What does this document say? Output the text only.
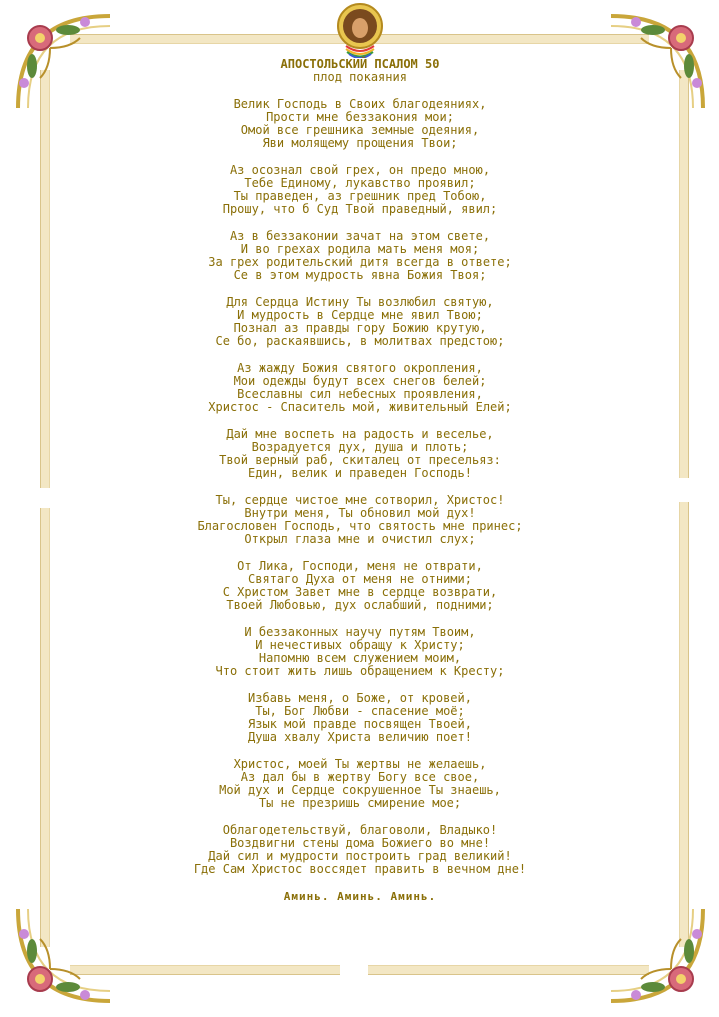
АПОСТОЛЬСКИЙ ПСАЛОМ 50
плод покаяния
Велик Господь в Своих благодеяниях,
Прости мне беззакония мои;
Омой все грешника земные одеяния,
Яви молящему прощения Твои;
Аз осознал свой грех, он предо мною,
Тебе Единому, лукавство проявил;
Ты праведен, аз грешник пред Тобою,
Прошу, что б Суд Твой праведный, явил;
Аз в беззаконии зачат на этом свете,
И во грехах родила мать меня моя;
За грех родительский дитя всегда в ответе;
Се в этом мудрость явна Божия Твоя;
Для Сердца Истину Ты возлюбил святую,
И мудрость в Сердце мне явил Твою;
Познал аз правды гору Божию крутую,
Се бо, раскаявшись, в молитвах предстою;
Аз жажду Божия святого окропления,
Мои одежды будут всех снегов белей;
Всеславны сил небесных проявления,
Христос - Спаситель мой, живительный Елей;
Дай мне воспеть на радость и веселье,
Возрадуется дух, душа и плоть;
Твой верный раб, скиталец от пресельяз:
Един, велик и праведен Господь!
Ты, сердце чистое мне сотворил, Христос!
Внутри меня, Ты обновил мой дух!
Благословен Господь, что святость мне принес;
Открыл глаза мне и очистил слух;
От Лика, Господи, меня не отврати,
Святаго Духа от меня не отними;
С Христом Завет мне в сердце возврати,
Твоей Любовью, дух ослабший, подними;
И беззаконных научу путям Твоим,
И нечестивых обращу к Христу;
Напомню всем служением моим,
Что стоит жить лишь обращением к Кресту;
Избавь меня, о Боже, от кровей,
Ты, Бог Любви - спасение моё;
Язык мой правде посвящен Твоей,
Душа хвалу Христа величию поет!
Христос, моей Ты жертвы не желаешь,
Аз дал бы в жертву Богу все свое,
Мой дух и Сердце сокрушенное Ты знаешь,
Ты не презришь смирение мое;
Облагодетельствуй, благоволи, Владыко!
Воздвигни стены дома Божиего во мне!
Дай сил и мудрости построить град великий!
Где Сам Христос воссядет править в вечном дне!
Аминь. Аминь. Аминь.
